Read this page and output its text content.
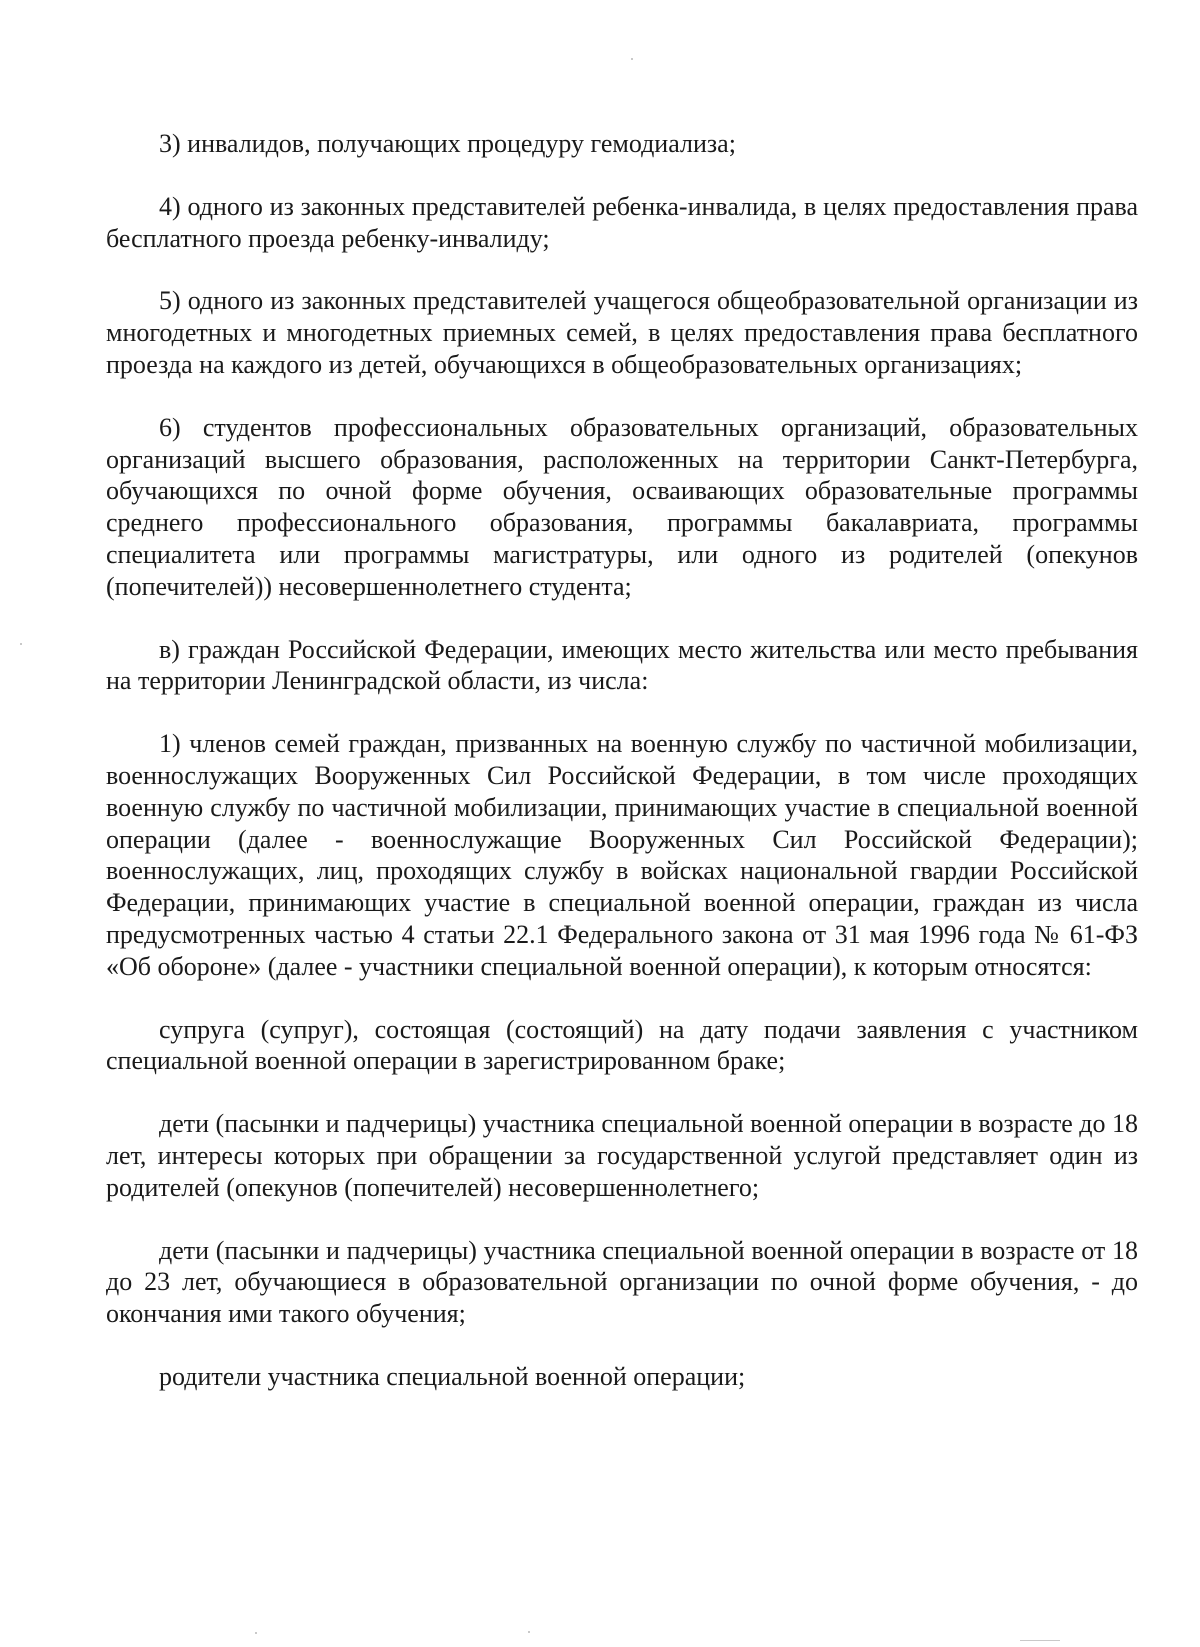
3) инвалидов, получающих процедуру гемодиализа;

4) одного из законных представителей ребенка-инвалида, в целях предоставления права бесплатного проезда ребенку-инвалиду;

5) одного из законных представителей учащегося общеобразовательной организации из многодетных и многодетных приемных семей, в целях предоставления права бесплатного проезда на каждого из детей, обучающихся в общеобразовательных организациях;

6) студентов профессиональных образовательных организаций, образовательных организаций высшего образования, расположенных на территории Санкт-Петербурга, обучающихся по очной форме обучения, осваивающих образовательные программы среднего профессионального образования, программы бакалавриата, программы специалитета или программы магистратуры, или одного из родителей (опекунов (попечителей)) несовершеннолетнего студента;

в) граждан Российской Федерации, имеющих место жительства или место пребывания на территории Ленинградской области, из числа:

1) членов семей граждан, призванных на военную службу по частичной мобилизации, военнослужащих Вооруженных Сил Российской Федерации, в том числе проходящих военную службу по частичной мобилизации, принимающих участие в специальной военной операции (далее - военнослужащие Вооруженных Сил Российской Федерации); военнослужащих, лиц, проходящих службу в войсках национальной гвардии Российской Федерации, принимающих участие в специальной военной операции, граждан из числа предусмотренных частью 4 статьи 22.1 Федерального закона от 31 мая 1996 года № 61-ФЗ «Об обороне» (далее - участники специальной военной операции), к которым относятся:

супруга (супруг), состоящая (состоящий) на дату подачи заявления с участником специальной военной операции в зарегистрированном браке;

дети (пасынки и падчерицы) участника специальной военной операции в возрасте до 18 лет, интересы которых при обращении за государственной услугой представляет один из родителей (опекунов (попечителей) несовершеннолетнего;

дети (пасынки и падчерицы) участника специальной военной операции в возрасте от 18 до 23 лет, обучающиеся в образовательной организации по очной форме обучения, - до окончания ими такого обучения;

родители участника специальной военной операции;
